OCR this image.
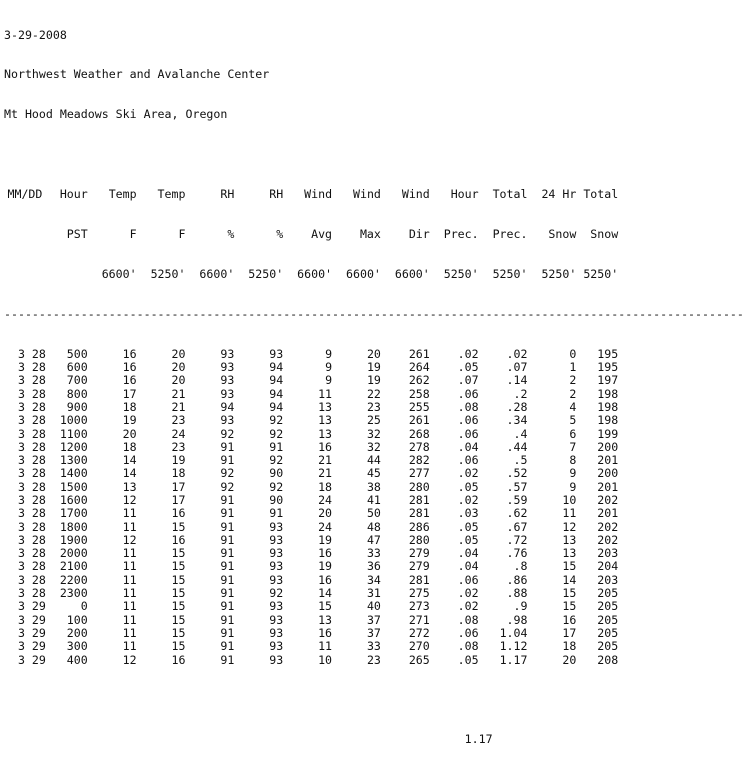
3-29-2008

Northwest Weather and Avalanche Center

Mt Hood Meadows Ski Area, Oregon

MM/DD Hour Temp Temp	RH	RH Wind Wind Wind Hour Total 24 Hr Total

PST	F	F	%	% Avg Max Dir Prec. Prec. Snow Snow

6600' 5250' 6600' 5250' 6600' 6600' 6600' 5250' 5250' 5250' 5250'

----------------------------------------------------------------------------------------------------------

3 28 500	16	20	93	93	9	20 261 .02 .02	0 195
3 28 600	16	20	93	94	9	19 264 .05 .07	1 195
3 28 700	16	20	93	94	9	19 262 .07 .14	2 197
3 28 800	17	21	93	94	11	22 258 .06	.2	2 198
3 28 900	18	21	94	94	13	23 255 .08 .28	4 198
3 28 1000	19	23	93	92	13	25 261 .06 .34	5 198
3 28 1100	20	24	92	92	13	32 268 .06	.4	6 199
3 28 1200	18	23	91	91	16	32 278 .04 .44	7 200
3 28 1300	14	19	91	92	21	44 282 .06	.5	8 201
3 28 1400	14	18	92	90	21	45 277 .02 .52	9 200
3 28 1500	13	17	92	92	18	38 280 .05 .57	9 201
3 28 1600	12	17	91	90	24	41 281 .02 .59	10 202
3 28 1700	11	16	91	91	20	50 281 .03 .62	11 201
3 28 1800	11	15	91	93	24	48 286 .05 .67	12 202
3 28 1900	12	16	91	93	19	47 280 .05 .72	13 202
3 28 2000	11	15	91	93	16	33 279 .04 .76	13 203
3 28 2100	11	15	91	93	19	36 279 .04	.8	15 204
3 28 2200	11	15	91	93	16	34 281 .06 .86	14 203
3 28 2300	11	15	91	92	14	31 275 .02 .88	15 205
3 29	0	11	15	91	93	15	40 273 .02	.9	15 205
3 29 100	11	15	91	93	13	37 271 .08 .98	16 205
3 29 200	11	15	91	93	16	37 272 .06 1.04	17 205
3 29 300	11	15	91	93	11	33 270 .08 1.12	18 205
3 29 400	12	16	91	93	10	23 265 .05 1.17	20 208

1.17
